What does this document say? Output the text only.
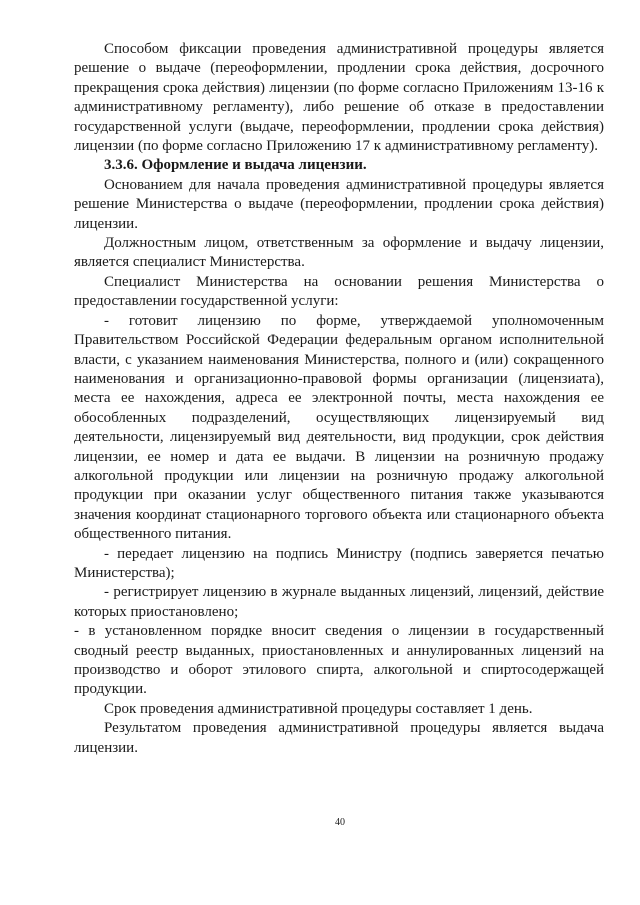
Способом фиксации проведения административной процедуры является решение о выдаче (переоформлении, продлении срока действия, досрочного прекращения срока действия) лицензии (по форме согласно Приложениям 13-16 к административному регламенту), либо решение об отказе в предоставлении государственной услуги (выдаче, переоформлении, продлении срока действия) лицензии (по форме согласно Приложению 17 к административному регламенту).

3.3.6. Оформление и выдача лицензии.

Основанием для начала проведения административной процедуры является решение Министерства о выдаче (переоформлении, продлении срока действия) лицензии.

Должностным лицом, ответственным за оформление и выдачу лицензии, является специалист Министерства.

Специалист Министерства на основании решения Министерства о предоставлении государственной услуги:

- готовит лицензию по форме, утверждаемой уполномоченным Правительством Российской Федерации федеральным органом исполнительной власти, с указанием наименования Министерства, полного и (или) сокращенного наименования и организационно-правовой формы организации (лицензиата), места ее нахождения, адреса ее электронной почты, места нахождения ее обособленных подразделений, осуществляющих лицензируемый вид деятельности, лицензируемый вид деятельности, вид продукции, срок действия лицензии, ее номер и дата ее выдачи. В лицензии на розничную продажу алкогольной продукции или лицензии на розничную продажу алкогольной продукции при оказании услуг общественного питания также указываются значения координат стационарного торгового объекта или стационарного объекта общественного питания.

- передает лицензию на подпись Министру (подпись заверяется печатью Министерства);

- регистрирует лицензию в журнале выданных лицензий, лицензий, действие которых приостановлено;

- в установленном порядке вносит сведения о лицензии в государственный сводный реестр выданных, приостановленных и аннулированных лицензий на производство и оборот этилового спирта, алкогольной и спиртосодержащей продукции.

Срок проведения административной процедуры составляет 1 день.

Результатом проведения административной процедуры является выдача лицензии.

40
